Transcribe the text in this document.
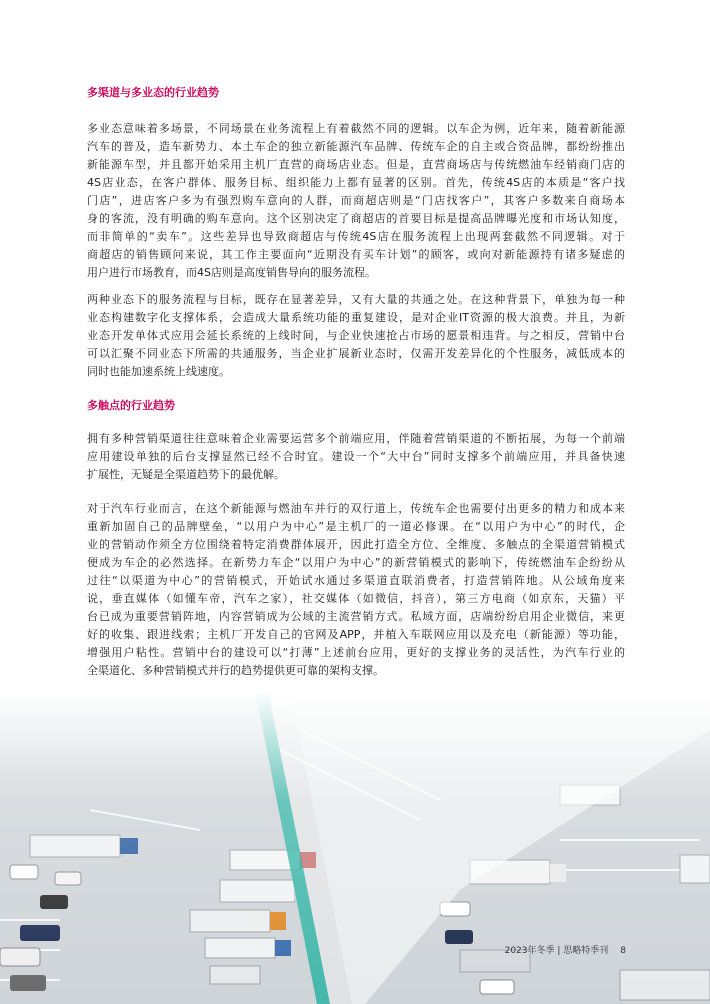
多渠道与多业态的行业趋势
多业态意味着多场景，不同场景在业务流程上有着截然不同的逻辑。以车企为例，近年来，随着新能源
汽车的普及，造车新势力、本土车企的独立新能源汽车品牌、传统车企的自主或合资品牌，都纷纷推出
新能源车型，并且都开始采用主机厂直营的商场店业态。但是，直营商场店与传统燃油车经销商门店的
4S店业态，在客户群体、服务目标、组织能力上都有显著的区别。首先，传统4S店的本质是“客户找
门店”，进店客户多为有强烈购车意向的人群，而商超店则是“门店找客户”，其客户多数来自商场本
身的客流，没有明确的购车意向。这个区别决定了商超店的首要目标是提高品牌曝光度和市场认知度，
而非简单的“卖车”。这些差异也导致商超店与传统4S店在服务流程上出现两套截然不同逻辑。对于
商超店的销售顾问来说，其工作主要面向“近期没有买车计划”的顾客，或向对新能源持有诸多疑虑的
用户进行市场教育，而4S店则是高度销售导向的服务流程。
两种业态下的服务流程与目标，既存在显著差异，又有大量的共通之处。在这种背景下，单独为每一种
业态构建数字化支撑体系，会造成大量系统功能的重复建设，是对企业IT资源的极大浪费。并且，为新
业态开发单体式应用会延长系统的上线时间，与企业快速抢占市场的愿景相违背。与之相反，营销中台
可以汇聚不同业态下所需的共通服务，当企业扩展新业态时，仅需开发差异化的个性服务，减低成本的
同时也能加速系统上线速度。
多触点的行业趋势
拥有多种营销渠道往往意味着企业需要运营多个前端应用，伴随着营销渠道的不断拓展，为每一个前端
应用建设单独的后台支撑显然已经不合时宜。建设一个“大中台”同时支撑多个前端应用，并具备快速
扩展性，无疑是全渠道趋势下的最优解。
对于汽车行业而言，在这个新能源与燃油车并行的双行道上，传统车企也需要付出更多的精力和成本来
重新加固自己的品牌壁垒，“以用户为中心”是主机厂的一道必修课。在“以用户为中心”的时代，企
业的营销动作须全方位围绕着特定消费群体展开，因此打造全方位、全维度、多触点的全渠道营销模式
便成为车企的必然选择。在新势力车企“以用户为中心”的新营销模式的影响下，传统燃油车企纷纷从
过往“以渠道为中心”的营销模式，开始试水通过多渠道直联消费者，打造营销阵地。从公域角度来
说，垂直媒体（如懂车帝，汽车之家），社交媒体（如微信，抖音），第三方电商（如京东，天猫）平
台已成为重要营销阵地，内容营销成为公域的主流营销方式。私域方面，店端纷纷启用企业微信，来更
好的收集、跟进线索；主机厂开发自己的官网及APP，并植入车联网应用以及充电（新能源）等功能，
增强用户粘性。营销中台的建设可以“打薄”上述前台应用，更好的支撑业务的灵活性，为汽车行业的
全渠道化、多种营销模式并行的趋势提供更可靠的架构支撑。
2023年冬季 | 思略特季刊 8
